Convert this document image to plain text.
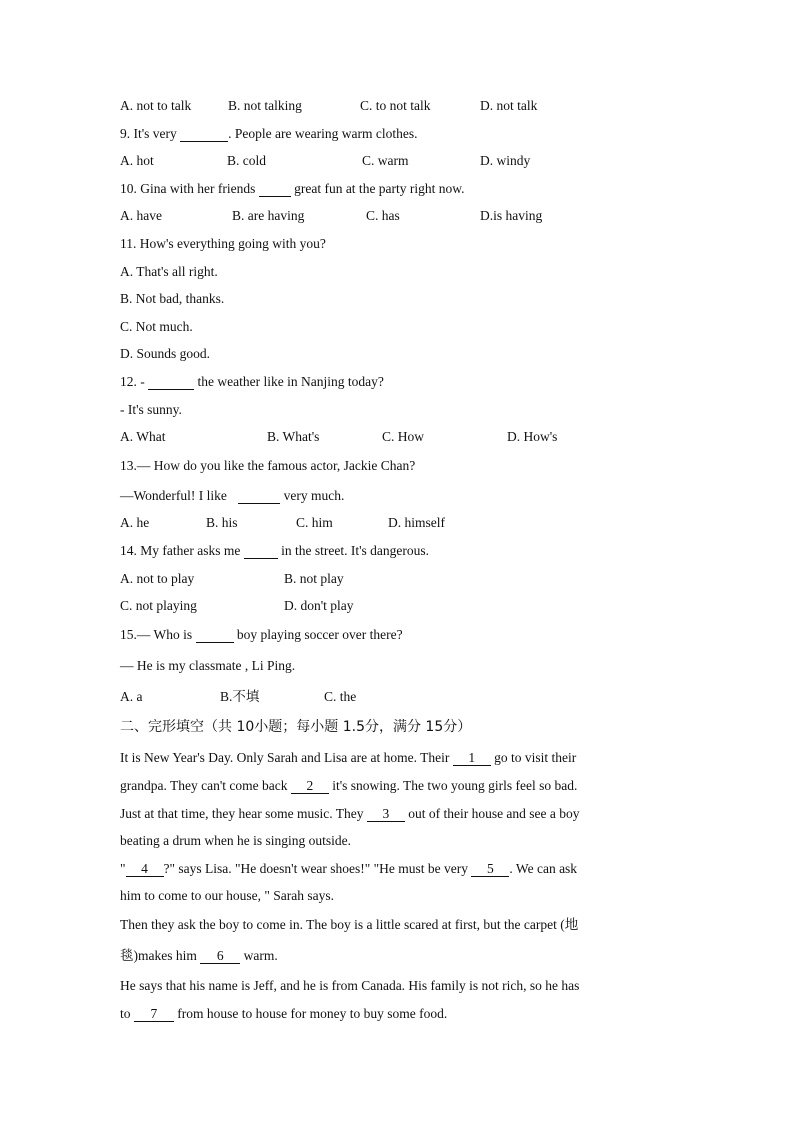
A. not to talk	B. not talking	C. to not talk	D. not talk
9. It's very	. People are wearing warm clothes.
A. hot	B. cold	C. warm	D. windy
10. Gina with her friends   great fun at the party right now.
A. have	B. are having	C. has	D.is having
11. How's everything going with you?
A. That's all right.
B. Not bad, thanks.
C. Not much.
D. Sounds good.
12. -	the weather like in Nanjing today?
- It's sunny.
A. What	B. What's	C. How	D. How's
13.— How do you like the famous actor, Jackie Chan?
—Wonderful! I like	very much.
A. he	B. his	C. him	D. himself
14. My father asks me	in the street. It's dangerous.
A. not to play	B. not play
C. not playing	D. don't play
15.— Who is	boy playing soccer over there?
— He is my classmate , Li Ping.
A. a	B.不填	C. the
二、完形填空（共 10小题；每小题 1.5分，满分 15分）
It is New Year's Day. Only Sarah and Lisa are at home. Their 1 go to visit their
grandpa. They can't come back 2 it's snowing. The two young girls feel so bad.
Just at that time, they hear some music. They 3 out of their house and see a boy
beating a drum when he is singing outside.
" 4 ?" says Lisa. "He doesn't wear shoes!" "He must be very 5 . We can ask
him to come to our house, " Sarah says.
Then they ask the boy to come in. The boy is a little scared at first, but the carpet (地
毯)makes him 6 warm.
He says that his name is Jeff, and he is from Canada. His family is not rich, so he has
to 7 from house to house for money to buy some food.
